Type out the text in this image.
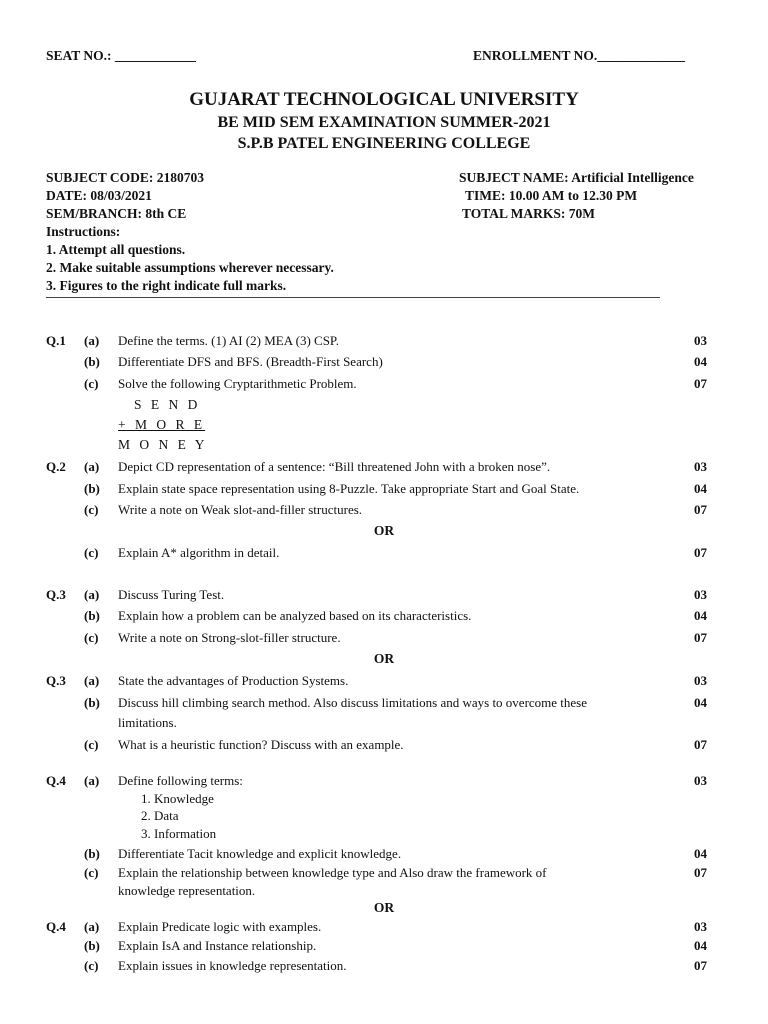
SEAT NO.: ____________	ENROLLMENT NO._____________
GUJARAT TECHNOLOGICAL UNIVERSITY
BE MID SEM EXAMINATION SUMMER-2021
S.P.B PATEL ENGINEERING COLLEGE
SUBJECT CODE: 2180703	SUBJECT NAME: Artificial Intelligence
DATE: 08/03/2021	TIME: 10.00 AM to 12.30 PM
SEM/BRANCH: 8th CE	TOTAL MARKS: 70M
Instructions:
1. Attempt all questions.
2. Make suitable assumptions wherever necessary.
3. Figures to the right indicate full marks.
Q.1 (a) Define the terms. (1) AI (2) MEA (3) CSP.	03
(b) Differentiate DFS and BFS. (Breadth-First Search)	04
(c) Solve the following Cryptarithmetic Problem.	07
Q.2 (a) Depict CD representation of a sentence: “Bill threatened John with a broken nose”.	03
(b) Explain state space representation using 8-Puzzle. Take appropriate Start and Goal State.	04
(c) Write a note on Weak slot-and-filler structures.	07
(c) Explain A* algorithm in detail.	07
Q.3 (a) Discuss Turing Test.	03
(b) Explain how a problem can be analyzed based on its characteristics.	04
(c) Write a note on Strong-slot-filler structure.	07
Q.3 (a) State the advantages of Production Systems.	03
(b) Discuss hill climbing search method. Also discuss limitations and ways to overcome these	04
limitations.
(c) What is a heuristic function? Discuss with an example.	07
Q.4 (a) Define following terms:	03
(b) Differentiate Tacit knowledge and explicit knowledge.	04
(c) Explain the relationship between knowledge type and Also draw the framework of	07
knowledge representation.
Q.4 (a) Explain Predicate logic with examples.	03
(b) Explain IsA and Instance relationship.	04
(c) Explain issues in knowledge representation.	07
S E N D
+ M O R E
M O N E Y
OR
OR
OR
1. Knowledge
2. Data
3. Information
